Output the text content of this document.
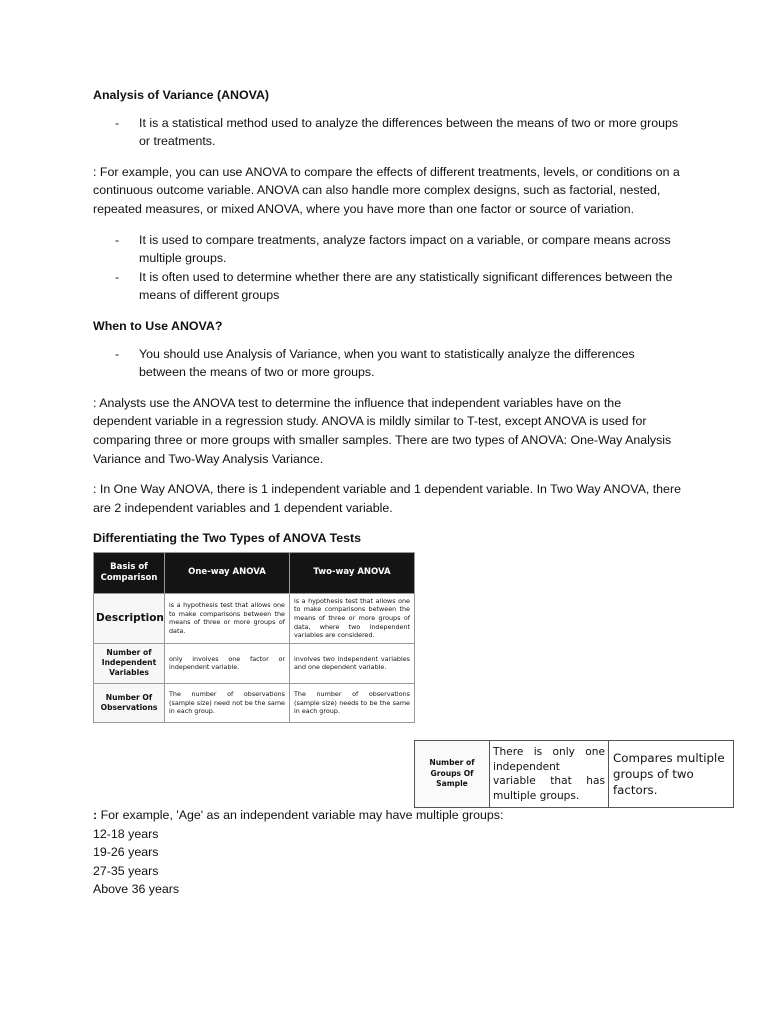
Analysis of Variance (ANOVA)

- It is a statistical method used to analyze the differences between the means of two or more groups or treatments.

: For example, you can use ANOVA to compare the effects of different treatments, levels, or conditions on a continuous outcome variable. ANOVA can also handle more complex designs, such as factorial, nested, repeated measures, or mixed ANOVA, where you have more than one factor or source of variation.

- It is used to compare treatments, analyze factors impact on a variable, or compare means across multiple groups.
- It is often used to determine whether there are any statistically significant differences between the means of different groups

When to Use ANOVA?

- You should use Analysis of Variance, when you want to statistically analyze the differences between the means of two or more groups.

: Analysts use the ANOVA test to determine the influence that independent variables have on the dependent variable in a regression study. ANOVA is mildly similar to T-test, except ANOVA is used for comparing three or more groups with smaller samples. There are two types of ANOVA: One-Way Analysis Variance and Two-Way Analysis Variance.

: In One Way ANOVA, there is 1 independent variable and 1 dependent variable. In Two Way ANOVA, there are 2 independent variables and 1 dependent variable.

Differentiating the Two Types of ANOVA Tests

Basis of Comparison	One-way ANOVA	Two-way ANOVA
Description	is a hypothesis test that allows one to make comparisons between the means of three or more groups of data.	is a hypothesis test that allows one to make comparisons between the means of three or more groups of data, where two independent variables are considered.
Number of Independent Variables	only involves one factor or independent variable.	involves two independent variables and one dependent variable.
Number Of Observations	The number of observations (sample size) need not be the same in each group.	The number of observations (sample size) needs to be the same in each group.
Number of Groups Of Sample	There is only one independent variable that has multiple groups.	Compares multiple groups of two factors.

: For example, 'Age' as an independent variable may have multiple groups:

12-18 years

19-26 years

27-35 years

Above 36 years
